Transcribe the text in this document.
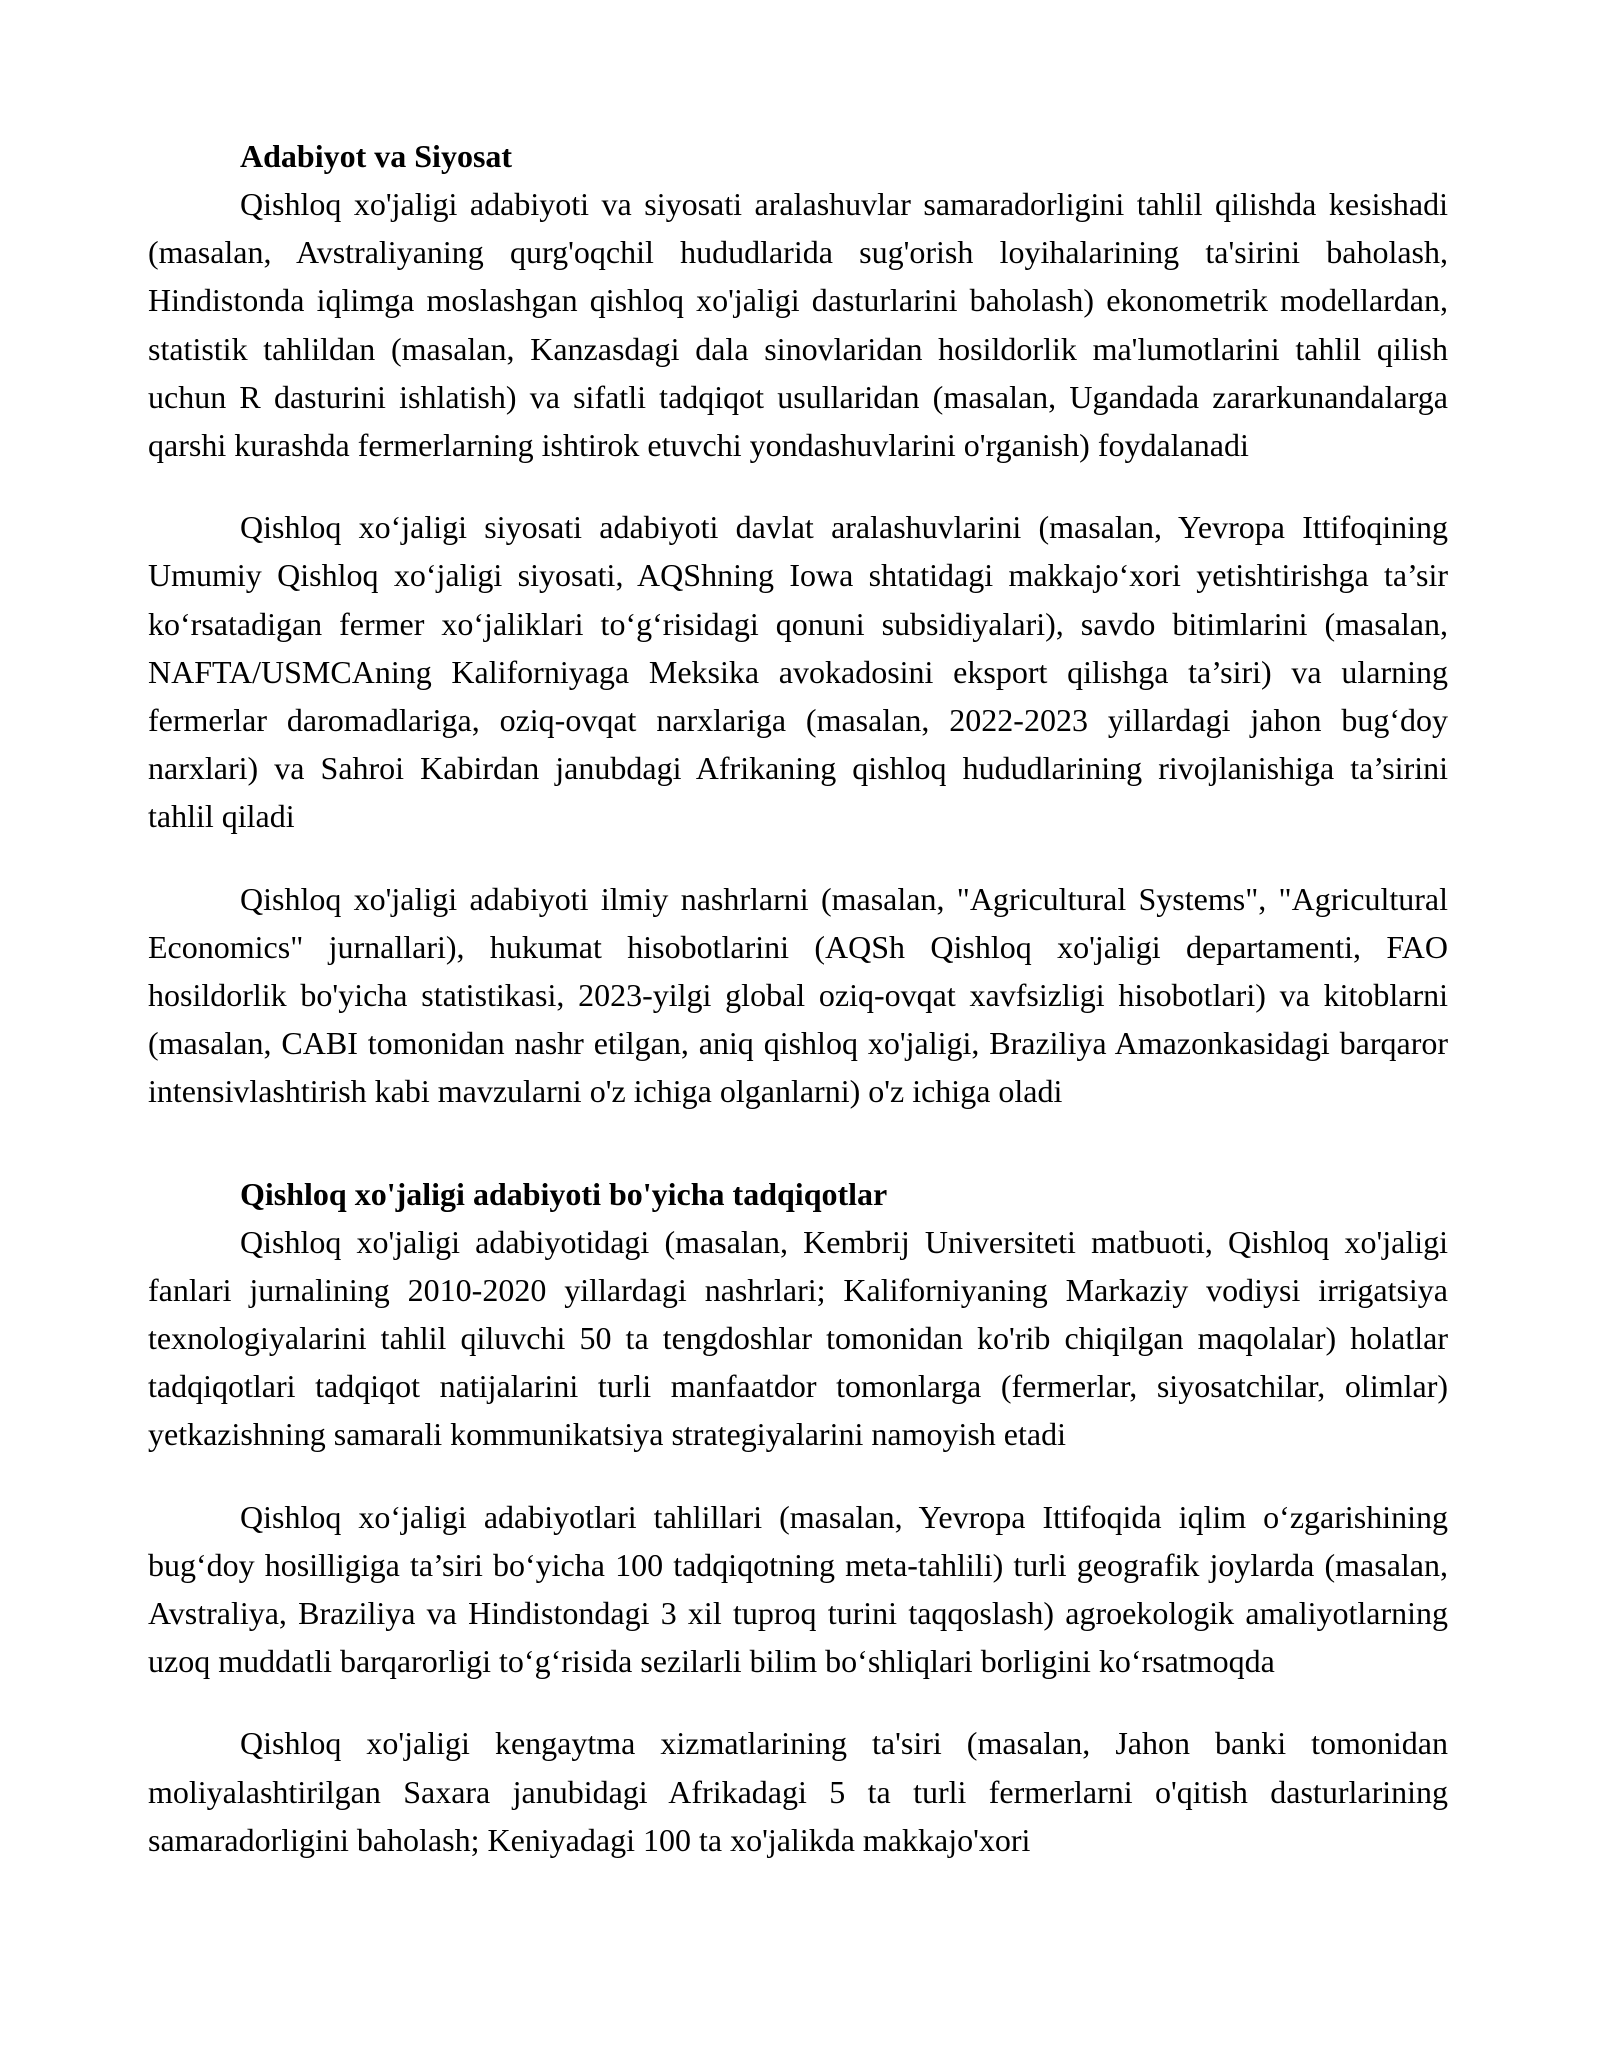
Adabiyot va Siyosat

Qishloq xo'jaligi adabiyoti va siyosati aralashuvlar samaradorligini tahlil qilishda kesishadi (masalan, Avstraliyaning qurg'oqchil hududlarida sug'orish loyihalarining ta'sirini baholash, Hindistonda iqlimga moslashgan qishloq xo'jaligi dasturlarini baholash) ekonometrik modellardan, statistik tahlildan (masalan, Kanzasdagi dala sinovlaridan hosildorlik ma'lumotlarini tahlil qilish uchun R dasturini ishlatish) va sifatli tadqiqot usullaridan (masalan, Ugandada zararkunandalarga qarshi kurashda fermerlarning ishtirok etuvchi yondashuvlarini o'rganish) foydalanadi

Qishloq xo‘jaligi siyosati adabiyoti davlat aralashuvlarini (masalan, Yevropa Ittifoqining Umumiy Qishloq xo‘jaligi siyosati, AQShning Iowa shtatidagi makkajo‘xori yetishtirishga ta’sir ko‘rsatadigan fermer xo‘jaliklari to‘g‘risidagi qonuni subsidiyalari), savdo bitimlarini (masalan, NAFTA/USMCAning Kaliforniyaga Meksika avokadosini eksport qilishga ta’siri) va ularning fermerlar daromadlariga, oziq-ovqat narxlariga (masalan, 2022-2023 yillardagi jahon bug‘doy narxlari) va Sahroi Kabirdan janubdagi Afrikaning qishloq hududlarining rivojlanishiga ta’sirini tahlil qiladi

Qishloq xo'jaligi adabiyoti ilmiy nashrlarni (masalan, "Agricultural Systems", "Agricultural Economics" jurnallari), hukumat hisobotlarini (AQSh Qishloq xo'jaligi departamenti, FAO hosildorlik bo'yicha statistikasi, 2023-yilgi global oziq-ovqat xavfsizligi hisobotlari) va kitoblarni (masalan, CABI tomonidan nashr etilgan, aniq qishloq xo'jaligi, Braziliya Amazonkasidagi barqaror intensivlashtirish kabi mavzularni o'z ichiga olganlarni) o'z ichiga oladi

Qishloq xo'jaligi adabiyoti bo'yicha tadqiqotlar

Qishloq xo'jaligi adabiyotidagi (masalan, Kembrij Universiteti matbuoti, Qishloq xo'jaligi fanlari jurnalining 2010-2020 yillardagi nashrlari; Kaliforniyaning Markaziy vodiysi irrigatsiya texnologiyalarini tahlil qiluvchi 50 ta tengdoshlar tomonidan ko'rib chiqilgan maqolalar) holatlar tadqiqotlari tadqiqot natijalarini turli manfaatdor tomonlarga (fermerlar, siyosatchilar, olimlar) yetkazishning samarali kommunikatsiya strategiyalarini namoyish etadi

Qishloq xo‘jaligi adabiyotlari tahlillari (masalan, Yevropa Ittifoqida iqlim o‘zgarishining bug‘doy hosilligiga ta’siri bo‘yicha 100 tadqiqotning meta-tahlili) turli geografik joylarda (masalan, Avstraliya, Braziliya va Hindistondagi 3 xil tuproq turini taqqoslash) agroekologik amaliyotlarning uzoq muddatli barqarorligi to‘g‘risida sezilarli bilim bo‘shliqlari borligini ko‘rsatmoqda

Qishloq xo'jaligi kengaytma xizmatlarining ta'siri (masalan, Jahon banki tomonidan moliyalashtirilgan Saxara janubidagi Afrikadagi 5 ta turli fermerlarni o'qitish dasturlarining samaradorligini baholash; Keniyadagi 100 ta xo'jalikda makkajo'xori
